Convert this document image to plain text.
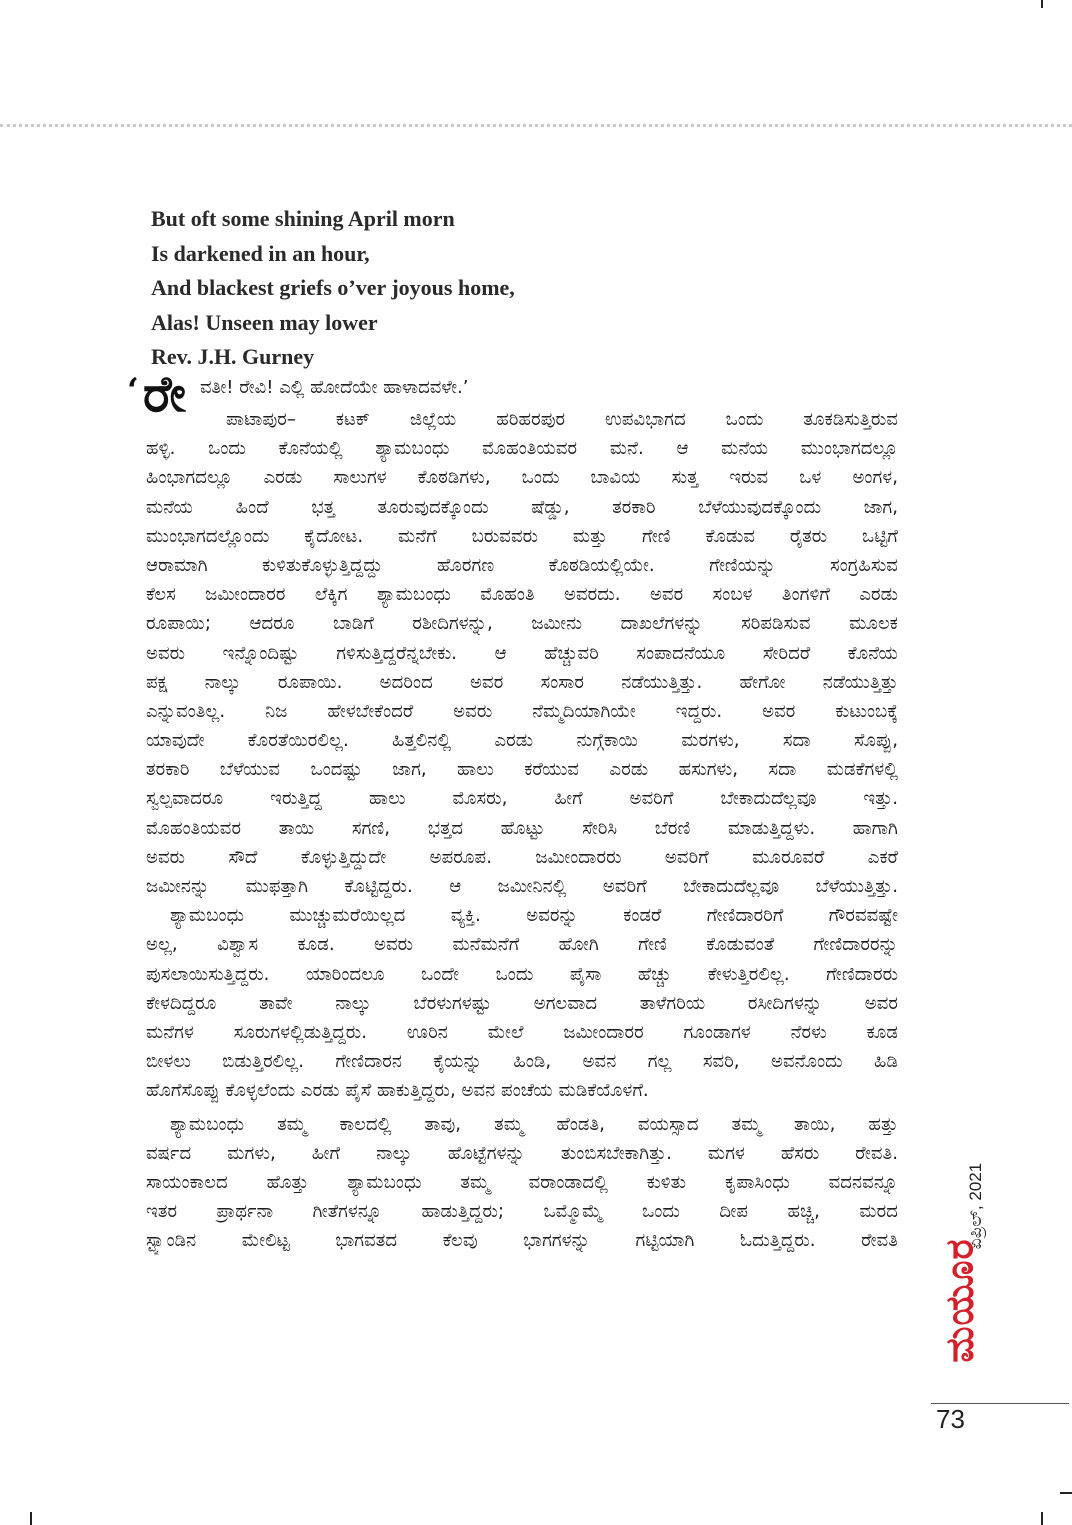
But oft some shining April morn
Is darkened in an hour,
And blackest griefs o’ver joyous home,
Alas! Unseen may lower
Rev. J.H. Gurney
‘ ರೇ ವತೀ! ರೇವಿ! ಎಲ್ಲಿ ಹೋದೆಯೇ ಹಾಳಾದವಳೇ.’
ಪಾಟಾಪುರ– ಕಟಕ್ ಜಿಲ್ಲೆಯ ಹರಿಹರಪುರ ಉಪವಿಭಾಗದ ಒಂದು ತೂಕಡಿಸುತ್ತಿರುವ
ಹಳ್ಳಿ. ಒಂದು ಕೊನೆಯಲ್ಲಿ ಶ್ಯಾಮಬಂಧು ಮೊಹಂತಿಯವರ ಮನೆ. ಆ ಮನೆಯ ಮುಂಭಾಗದಲ್ಲೂ
ಹಿಂಭಾಗದಲ್ಲೂ ಎರಡು ಸಾಲುಗಳ ಕೊಠಡಿಗಳು, ಒಂದು ಬಾವಿಯ ಸುತ್ತ ಇರುವ ಒಳ ಅಂಗಳ,
ಮನೆಯ ಹಿಂದೆ ಭತ್ತ ತೂರುವುದಕ್ಕೊಂದು ಷೆಡ್ಡು, ತರಕಾರಿ ಬೆಳೆಯುವುದಕ್ಕೊಂದು ಜಾಗ,
ಮುಂಭಾಗದಲ್ಲೊಂದು ಕೈದೋಟ. ಮನೆಗೆ ಬರುವವರು ಮತ್ತು ಗೇಣಿ ಕೊಡುವ ರೈತರು ಒಟ್ಟಿಗೆ
ಆರಾಮಾಗಿ ಕುಳಿತುಕೊಳ್ಳುತ್ತಿದ್ದದ್ದು ಹೊರಗಣ ಕೊಠಡಿಯಲ್ಲಿಯೇ. ಗೇಣಿಯನ್ನು ಸಂಗ್ರಹಿಸುವ
ಕೆಲಸ ಜಮೀಂದಾರರ ಲೆಕ್ಕಿಗ ಶ್ಯಾಮಬಂಧು ಮೊಹಂತಿ ಅವರದು. ಅವರ ಸಂಬಳ ತಿಂಗಳಿಗೆ ಎರಡು
ರೂಪಾಯಿ; ಆದರೂ ಬಾಡಿಗೆ ರಶೀದಿಗಳನ್ನು, ಜಮೀನು ದಾಖಲೆಗಳನ್ನು ಸರಿಪಡಿಸುವ ಮೂಲಕ
ಅವರು ಇನ್ನೊಂದಿಷ್ಟು ಗಳಿಸುತ್ತಿದ್ದರೆನ್ನಬೇಕು. ಆ ಹೆಚ್ಚುವರಿ ಸಂಪಾದನೆಯೂ ಸೇರಿದರೆ ಕೊನೆಯ
ಪಕ್ಷ ನಾಲ್ಕು ರೂಪಾಯಿ. ಅದರಿಂದ ಅವರ ಸಂಸಾರ ನಡೆಯುತ್ತಿತ್ತು. ಹೇಗೋ ನಡೆಯುತ್ತಿತ್ತು
ಎನ್ನುವಂತಿಲ್ಲ. ನಿಜ ಹೇಳಬೇಕೆಂದರೆ ಅವರು ನೆಮ್ಮದಿಯಾಗಿಯೇ ಇದ್ದರು. ಅವರ ಕುಟುಂಬಕ್ಕೆ
ಯಾವುದೇ ಕೊರತೆಯಿರಲಿಲ್ಲ. ಹಿತ್ತಲಿನಲ್ಲಿ ಎರಡು ನುಗ್ಗೆಕಾಯಿ ಮರಗಳು, ಸದಾ ಸೊಪ್ಪು,
ತರಕಾರಿ ಬೆಳೆಯುವ ಒಂದಷ್ಟು ಜಾಗ, ಹಾಲು ಕರೆಯುವ ಎರಡು ಹಸುಗಳು, ಸದಾ ಮಡಕೆಗಳಲ್ಲಿ
ಸ್ವಲ್ಪವಾದರೂ ಇರುತ್ತಿದ್ದ ಹಾಲು ಮೊಸರು, ಹೀಗೆ ಅವರಿಗೆ ಬೇಕಾದುದೆಲ್ಲವೂ ಇತ್ತು.
ಮೊಹಂತಿಯವರ ತಾಯಿ ಸಗಣಿ, ಭತ್ತದ ಹೊಟ್ಟು ಸೇರಿಸಿ ಬೆರಣಿ ಮಾಡುತ್ತಿದ್ದಳು. ಹಾಗಾಗಿ
ಅವರು ಸೌದೆ ಕೊಳ್ಳುತ್ತಿದ್ದುದೇ ಅಪರೂಪ. ಜಮೀಂದಾರರು ಅವರಿಗೆ ಮೂರೂವರೆ ಎಕರೆ
ಜಮೀನನ್ನು ಮುಫತ್ತಾಗಿ ಕೊಟ್ಟಿದ್ದರು. ಆ ಜಮೀನಿನಲ್ಲಿ ಅವರಿಗೆ ಬೇಕಾದುದೆಲ್ಲವೂ ಬೆಳೆಯುತ್ತಿತ್ತು.
ಶ್ಯಾಮಬಂಧು ಮುಚ್ಚುಮರೆಯಿಲ್ಲದ ವ್ಯಕ್ತಿ. ಅವರನ್ನು ಕಂಡರೆ ಗೇಣಿದಾರರಿಗೆ ಗೌರವವಷ್ಟೇ
ಅಲ್ಲ, ವಿಶ್ವಾಸ ಕೂಡ. ಅವರು ಮನೆಮನೆಗೆ ಹೋಗಿ ಗೇಣಿ ಕೊಡುವಂತೆ ಗೇಣಿದಾರರನ್ನು
ಪುಸಲಾಯಿಸುತ್ತಿದ್ದರು. ಯಾರಿಂದಲೂ ಒಂದೇ ಒಂದು ಪೈಸಾ ಹೆಚ್ಚು ಕೇಳುತ್ತಿರಲಿಲ್ಲ. ಗೇಣಿದಾರರು
ಕೇಳದಿದ್ದರೂ ತಾವೇ ನಾಲ್ಕು ಬೆರಳುಗಳಷ್ಟು ಅಗಲವಾದ ತಾಳೆಗರಿಯ ರಸೀದಿಗಳನ್ನು ಅವರ
ಮನೆಗಳ ಸೂರುಗಳಲ್ಲಿಡುತ್ತಿದ್ದರು. ಊರಿನ ಮೇಲೆ ಜಮೀಂದಾರರ ಗೂಂಡಾಗಳ ನೆರಳು ಕೂಡ
ಬೀಳಲು ಬಿಡುತ್ತಿರಲಿಲ್ಲ. ಗೇಣಿದಾರನ ಕೈಯನ್ನು ಹಿಂಡಿ, ಅವನ ಗಲ್ಲ ಸವರಿ, ಅವನೊಂದು ಹಿಡಿ
ಹೊಗೆಸೊಪ್ಪು ಕೊಳ್ಳಲೆಂದು ಎರಡು ಪೈಸೆ ಹಾಕುತ್ತಿದ್ದರು, ಅವನ ಪಂಚೆಯ ಮಡಿಕೆಯೊಳಗೆ.
ಶ್ಯಾಮಬಂಧು ತಮ್ಮ ಕಾಲದಲ್ಲಿ ತಾವು, ತಮ್ಮ ಹೆಂಡತಿ, ವಯಸ್ಸಾದ ತಮ್ಮ ತಾಯಿ, ಹತ್ತು
ವರ್ಷದ ಮಗಳು, ಹೀಗೆ ನಾಲ್ಕು ಹೊಟ್ಟೆಗಳನ್ನು ತುಂಬಿಸಬೇಕಾಗಿತ್ತು. ಮಗಳ ಹೆಸರು ರೇವತಿ.
ಸಾಯಂಕಾಲದ ಹೊತ್ತು ಶ್ಯಾಮಬಂಧು ತಮ್ಮ ವರಾಂಡಾದಲ್ಲಿ ಕುಳಿತು ಕೃಪಾಸಿಂಧು ವದನವನ್ನೂ
ಇತರ ಪ್ರಾರ್ಥನಾ ಗೀತೆಗಳನ್ನೂ ಹಾಡುತ್ತಿದ್ದರು; ಒಮ್ಮೊಮ್ಮೆ ಒಂದು ದೀಪ ಹಚ್ಚಿ, ಮರದ
ಸ್ಟ್ಯಾಂಡಿನ ಮೇಲಿಟ್ಟ ಭಾಗವತದ ಕೆಲವು ಭಾಗಗಳನ್ನು ಗಟ್ಟಿಯಾಗಿ ಓದುತ್ತಿದ್ದರು. ರೇವತಿ	ಏಪ್ರಿಲ್, 2021
ಮಯೂರ
73
